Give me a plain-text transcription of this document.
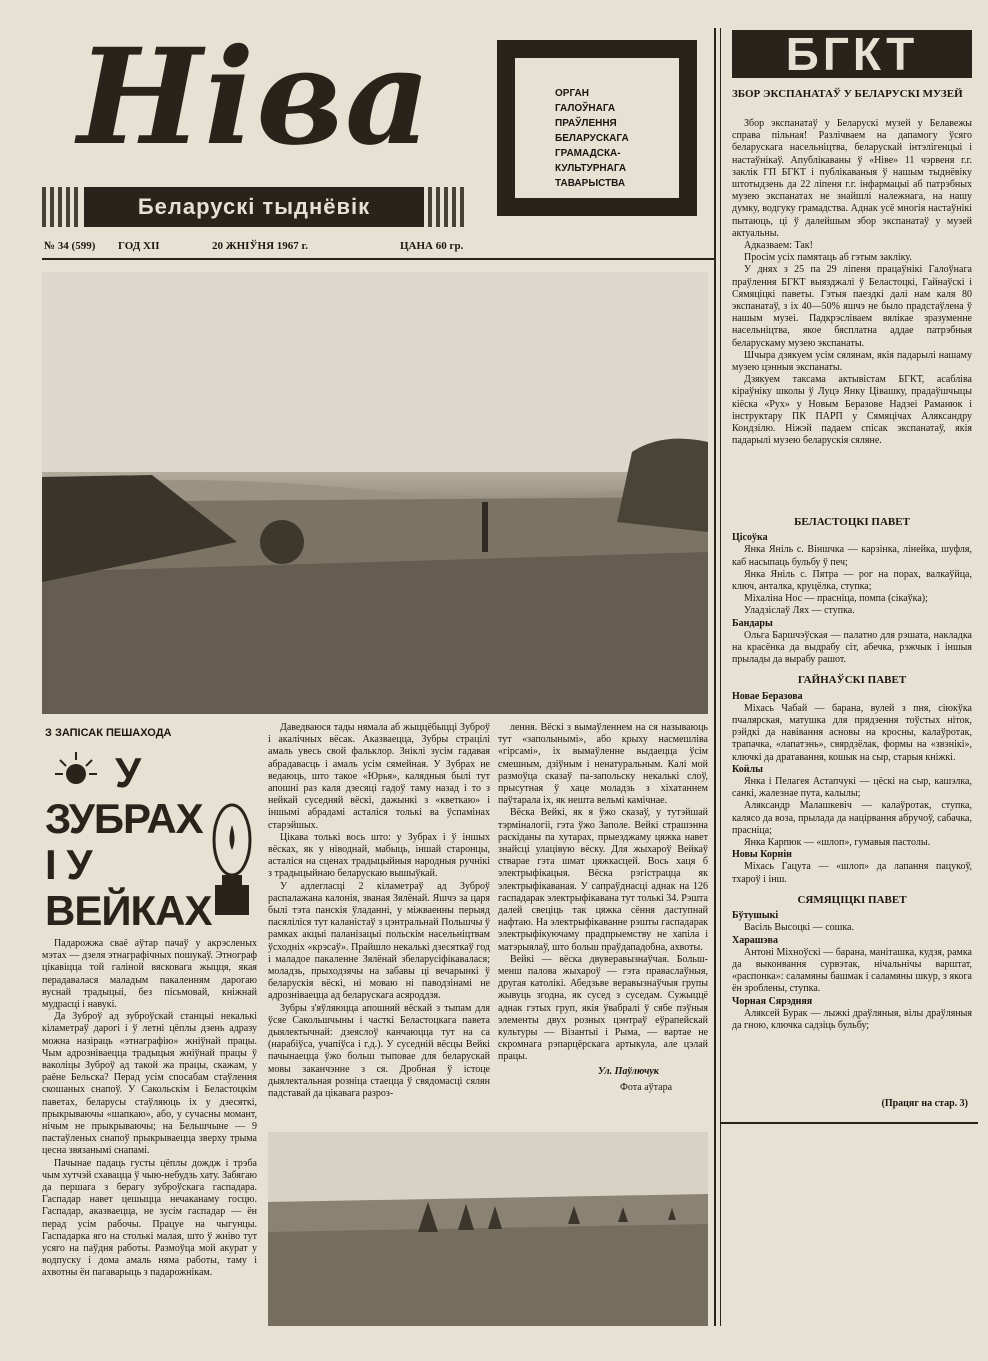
Ніва
Беларускі тыднёвік
ОРГАН
ГАЛОЎНАГА
ПРАЎЛЕННЯ
БЕЛАРУСКАГА
ГРАМАДСКА-
КУЛЬТУРНАГА
ТАВАРЫСТВА
№ 34 (599) ГОД XII	20 ЖНІЎНЯ 1967 г.	ЦАНА 60 гр.
З ЗАПІСАК ПЕШАХОДА
У
ЗУБРАХ
І У
ВЕЙКАХ

Падарожжа сваё аўтар пачаў у акрэсленых мэтах — дзеля этнаграфічных пошукаў. Этнограф цікавіцца той галіной вясковага жыцця, якая перадавалася маладым пакаленням дарогаю вуснай традыцыі, без пісьмовай, кніжнай мудрасці і навукі.

Да Зуброў ад зуброўскай станцыі некалькі кіламетраў дарогі і ў летні цёплы дзень адразу можна назіраць «этнаграфію» жніўнай працы. Чым адрозніваецца традыцыя жніўнай працы ў ваколіцы Зуброў ад такой жа працы, скажам, у раёне Бельска? Перад усім спосабам стаўлення скошаных снапоў. У Сакольскім і Беластоцкім паветах, беларусы стаўляюць іх у дзесяткі, прыкрываючы «шапкаю», або, у сучасны момант, нічым не прыкрываючы; на Бельшчыне — 9 пастаўленых снапоў прыкрываецца зверху трыма цесна звязанымі снапамі.

Пачынае падаць густы цёплы дождж і трэба чым хутчэй схавацца ў чыю-небудзь хату. Забягаю да першага з берагу зуброўскага гаспадара. Гаспадар навет цешыцца нечаканаму госцю. Гаспадар, аказваецца, не зусім гаспадар — ён перад усім рабочы. Працуе на чыгунцы. Гаспадарка яго на столькі малая, што ў жніво тут усяго на паўдня работы. Размоўца мой акурат у водпуску і дома амаль няма работы, таму і ахвотны ён пагаварыць з падарожнікам.

Даведваюся тады нямала аб жыццёбыцці Зуброў і акалічных вёсак. Аказваецца, Зубры страцілі амаль увесь свой фальклор. Зніклі зусім гадавая абрадавасць і амаль усім сямейная. У Зубрах не ведаюць, што такое «Юрья», калядныя былі тут апошні раз каля дзесяці гадоў таму назад і то з нейкай суседняй вёскі, дажынкі з «кветкаю» і іншымі абрадамі асталіся толькі ва ўспамінах старэйшых.

Цікава толькі вось што: у Зубрах і ў іншых вёсках, як у ніводнай, мабыць, іншай старонцы, асталіся на сценах традыцыйныя народныя ручнікі з традыцыйнаю беларускаю вышыўкай.

У адлегласці 2 кіламетраў ад Зуброў распалажана калонія, званая Зялёнай. Яшчэ за царя былі тэта панскія ўладанні, у міжваенны перыяд пасяліліся тут каланістаў з цэнтральнай Польшчы ў рамках акцыі паланізацыі польскім насельніцтвам ўсходніх «крэсаў». Прайшло некалькі дзесяткаў год і маладое пакаленне Зялёнай збеларусіфікавалася; моладзь, прыходзячы на забавы ці вечарынкі ў беларускія вёскі, ні моваю ні паводзінамі не адрозніваецца ад беларускага асяроддзя.

Зубры з'яўляюцца апошняй вёскай з тыпам для ўсяе Сакольшчыны і часткі Беластоцкага павета дыялектычнай: дзеяслоў канчаюцца тут на са (нарабіўса, учапіўса і г.д.). У суседній вёсцы Вейкі пачынаецца ўжо больш тыповае для беларускай мовы заканчэнне з ся. Дробная ў істоце дыялектальная розніца стаецца ў свядомасці сялян падставай да цікавага разроз-

лення. Вёскі з вымаўленнем на ся называюць тут «заполынымі», або крыху насмешліва «гірсамі», іх вымаўленне выдаецца ўсім смешным, дзіўным і ненатуральным. Калі мой размоўца сказаў па-запольску некалькі слоў, прысутная ў хаце моладзь з хіхатаннем паўтарала іх, як нешта вельмі камічнае.

Вёска Вейкі, як я ўжо сказаў, у тутэйшай тэрміналогіі, гэта ўжо Заполе. Вейкі страшэнна раскіданы па хутарах, прыезджаму цяжка навет знайсці улацівую вёску. Для жыхароў Вейкаў стварае гэта шмат цяжкасцей. Вось хаця б электрыфікацыя. Вёска рэгістрацца як электрыфікаваная. У сапраўднасці аднак на 126 гаспадарак электрыфікавана тут толькі 34. Рэшта далей свеціць так цяжка сёння даступнай нафтаю. На электрыфікаванне рэшты гаспадарак электрыфікуючаму прадпрыемству не хапіла і матэрыялаў, што больш праўдападобна, ахвоты.

Вейкі — вёска двуверавызнаўчая. Больш-менш палова жыхароў — гэта праваслаўныя, другая католікі. Абедзьве веравызнаўчыя групы жывуць згодна, як сусед з суседам. Сужыццё аднак гэтых груп, якія ўвабралі ў сябе пэўныя элементы двух розных цэнтраў еўрапейскай культуры — Візантыі і Рыма, — вартае не скромнага рэпарцёрскага артыкула, але цэлай працы.

Ул. Паўлючук
Фота аўтара
БГКТ
ЗБОР ЭКСПАНАТАЎ У БЕЛАРУСКІ МУЗЕЙ

Збор экспанатаў у Беларускі музей у Белавежы справа пільная! Разлічваем на дапамогу ўсяго беларускага насельніцтва, беларускай інтэлігенцыі і настаўнікаў. Апублікаваны ў «Ніве» 11 чэрвеня г.г. заклік ГП БГКТ і публікаваныя ў нашым тыднёвіку штотыдзень да 22 ліпеня г.г. інфармацыі аб патрэбных музею экспанатах не знайшлі належнага, на нашу думку, водгуку грамадства. Аднак усё многія настаўнікі пытаюць, ці ў далейшым збор экспанатаў у музей актуальны.

Адказваем: Так!

Просім усіх памятаць аб гэтым закліку.

У днях з 25 па 29 ліпеня працаўнікі Галоўнага праўлення БГКТ выязджалі ў Беластоцкі, Гайнаўскі і Сямяціцкі паветы. Гэтыя паездкі далі нам каля 80 экспанатаў, з іх 40—50% яшчэ не было прадстаўлена ў нашым музеі. Падкрэсліваем вялікае зразуменне насельніцтва, якое бясплатна аддае патрэбныя беларускаму музею экспанаты.

Шчыра дзякуем усім сялянам, якія падарылі нашаму музею цэнныя экспанаты.

Дзякуем таксама актывістам БГКТ, асабліва кіраўніку школы ў Луцэ Янку Цівашку, прадаўшчыцы кіёска «Рух» у Новым Беразове Надзеі Раманюк і інструктару ПК ПАРП у Сямяцічах Аляксандру Кондзілю. Ніжэй падаем спісак экспанатаў, якія падарылі музею беларускія сяляне.

БЕЛАСТОЦКІ ПАВЕТ

Цісоўка

Янка Яніль с. Віншчка — карзінка, лінейка, шуфля, каб насыпаць бульбу ў печ;

Янка Яніль с. Пятра — рог на порах, валкаўйца, ключ, анталка, круцёлка, ступка;

Міхаліна Нос — прасніца, помпа (сікаўка);

Уладзіслаў Лях — ступка.

Бандары

Ольга Баршчэўская — палатно для рэшата, накладка на красёнка да выдрабу сіт, абечка, рэжчык і іншыя прылады да вырабу рашот.

ГАЙНАЎСКІ ПАВЕТ

Новае Беразова

Міхась Чабай — барана, вулей з пня, сіюкўка пчалярская, матушка для прядзення тоўстых ніток, рэйдкі да навівання асновы на кросны, калаўротак, трапачка, «лапатэнь», свярдзёлак, формы на «звэнікі», ключкі да дратавання, кошык на сыр, старыя кніжкі.

Койлы

Янка і Пелагея Астапчукі — цёскі на сыр, кашэлка, санкі, жалезнае пута, калылы;

Аляксандр Малашкевіч — калаўротак, ступка, калясо да воза, прылада да націрвання абручоў, сабачка, прасніца;

Янка Карпюк — «шлоп», гумавыя пастолы.

Новы Корнін

Міхась Гацута — «шлоп» да лапання пацукоў, тхароў і інш.

СЯМЯЦІЦКІ ПАВЕТ

Бўтушыкі

Васіль Высоцкі — сошка.

Харашэва

Антоні Міхноўскі — барана, маніташка, кудзя, рамка да выконвання сурвэтак, нічальнічы варштат, «распонка»: саламяны башмак і саламяны шкур, з якога ён зроблены, ступка.

Чорная Сярэдняя

Аляксей Бурак — лыжкі драўляныя, вілы драўляныя да гною, ключка садзіць бульбу;

(Працяг на стар. 3)
